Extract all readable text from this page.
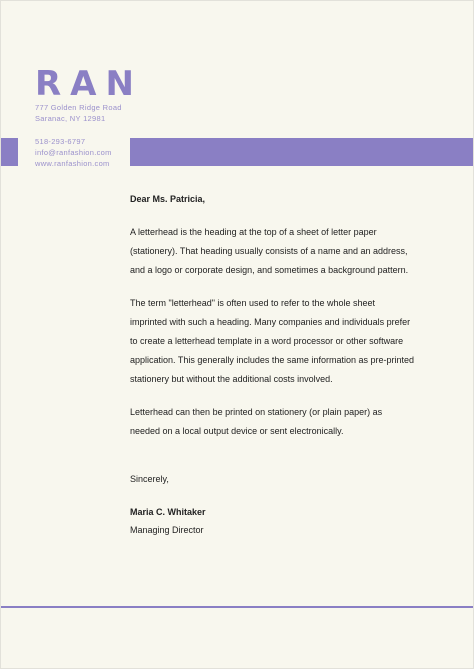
RAN
777 Golden Ridge Road
Saranac, NY 12981
518-293-6797
info@ranfashion.com
www.ranfashion.com
Dear Ms. Patricia,
A letterhead is the heading at the top of a sheet of letter paper
(stationery). That heading usually consists of a name and an address,
and a logo or corporate design, and sometimes a background pattern.
The term "letterhead" is often used to refer to the whole sheet
imprinted with such a heading. Many companies and individuals prefer
to create a letterhead template in a word processor or other software
application. This generally includes the same information as pre-printed
stationery but without the additional costs involved.
Letterhead can then be printed on stationery (or plain paper) as
needed on a local output device or sent electronically.
Sincerely,
Maria C. Whitaker
Managing Director
